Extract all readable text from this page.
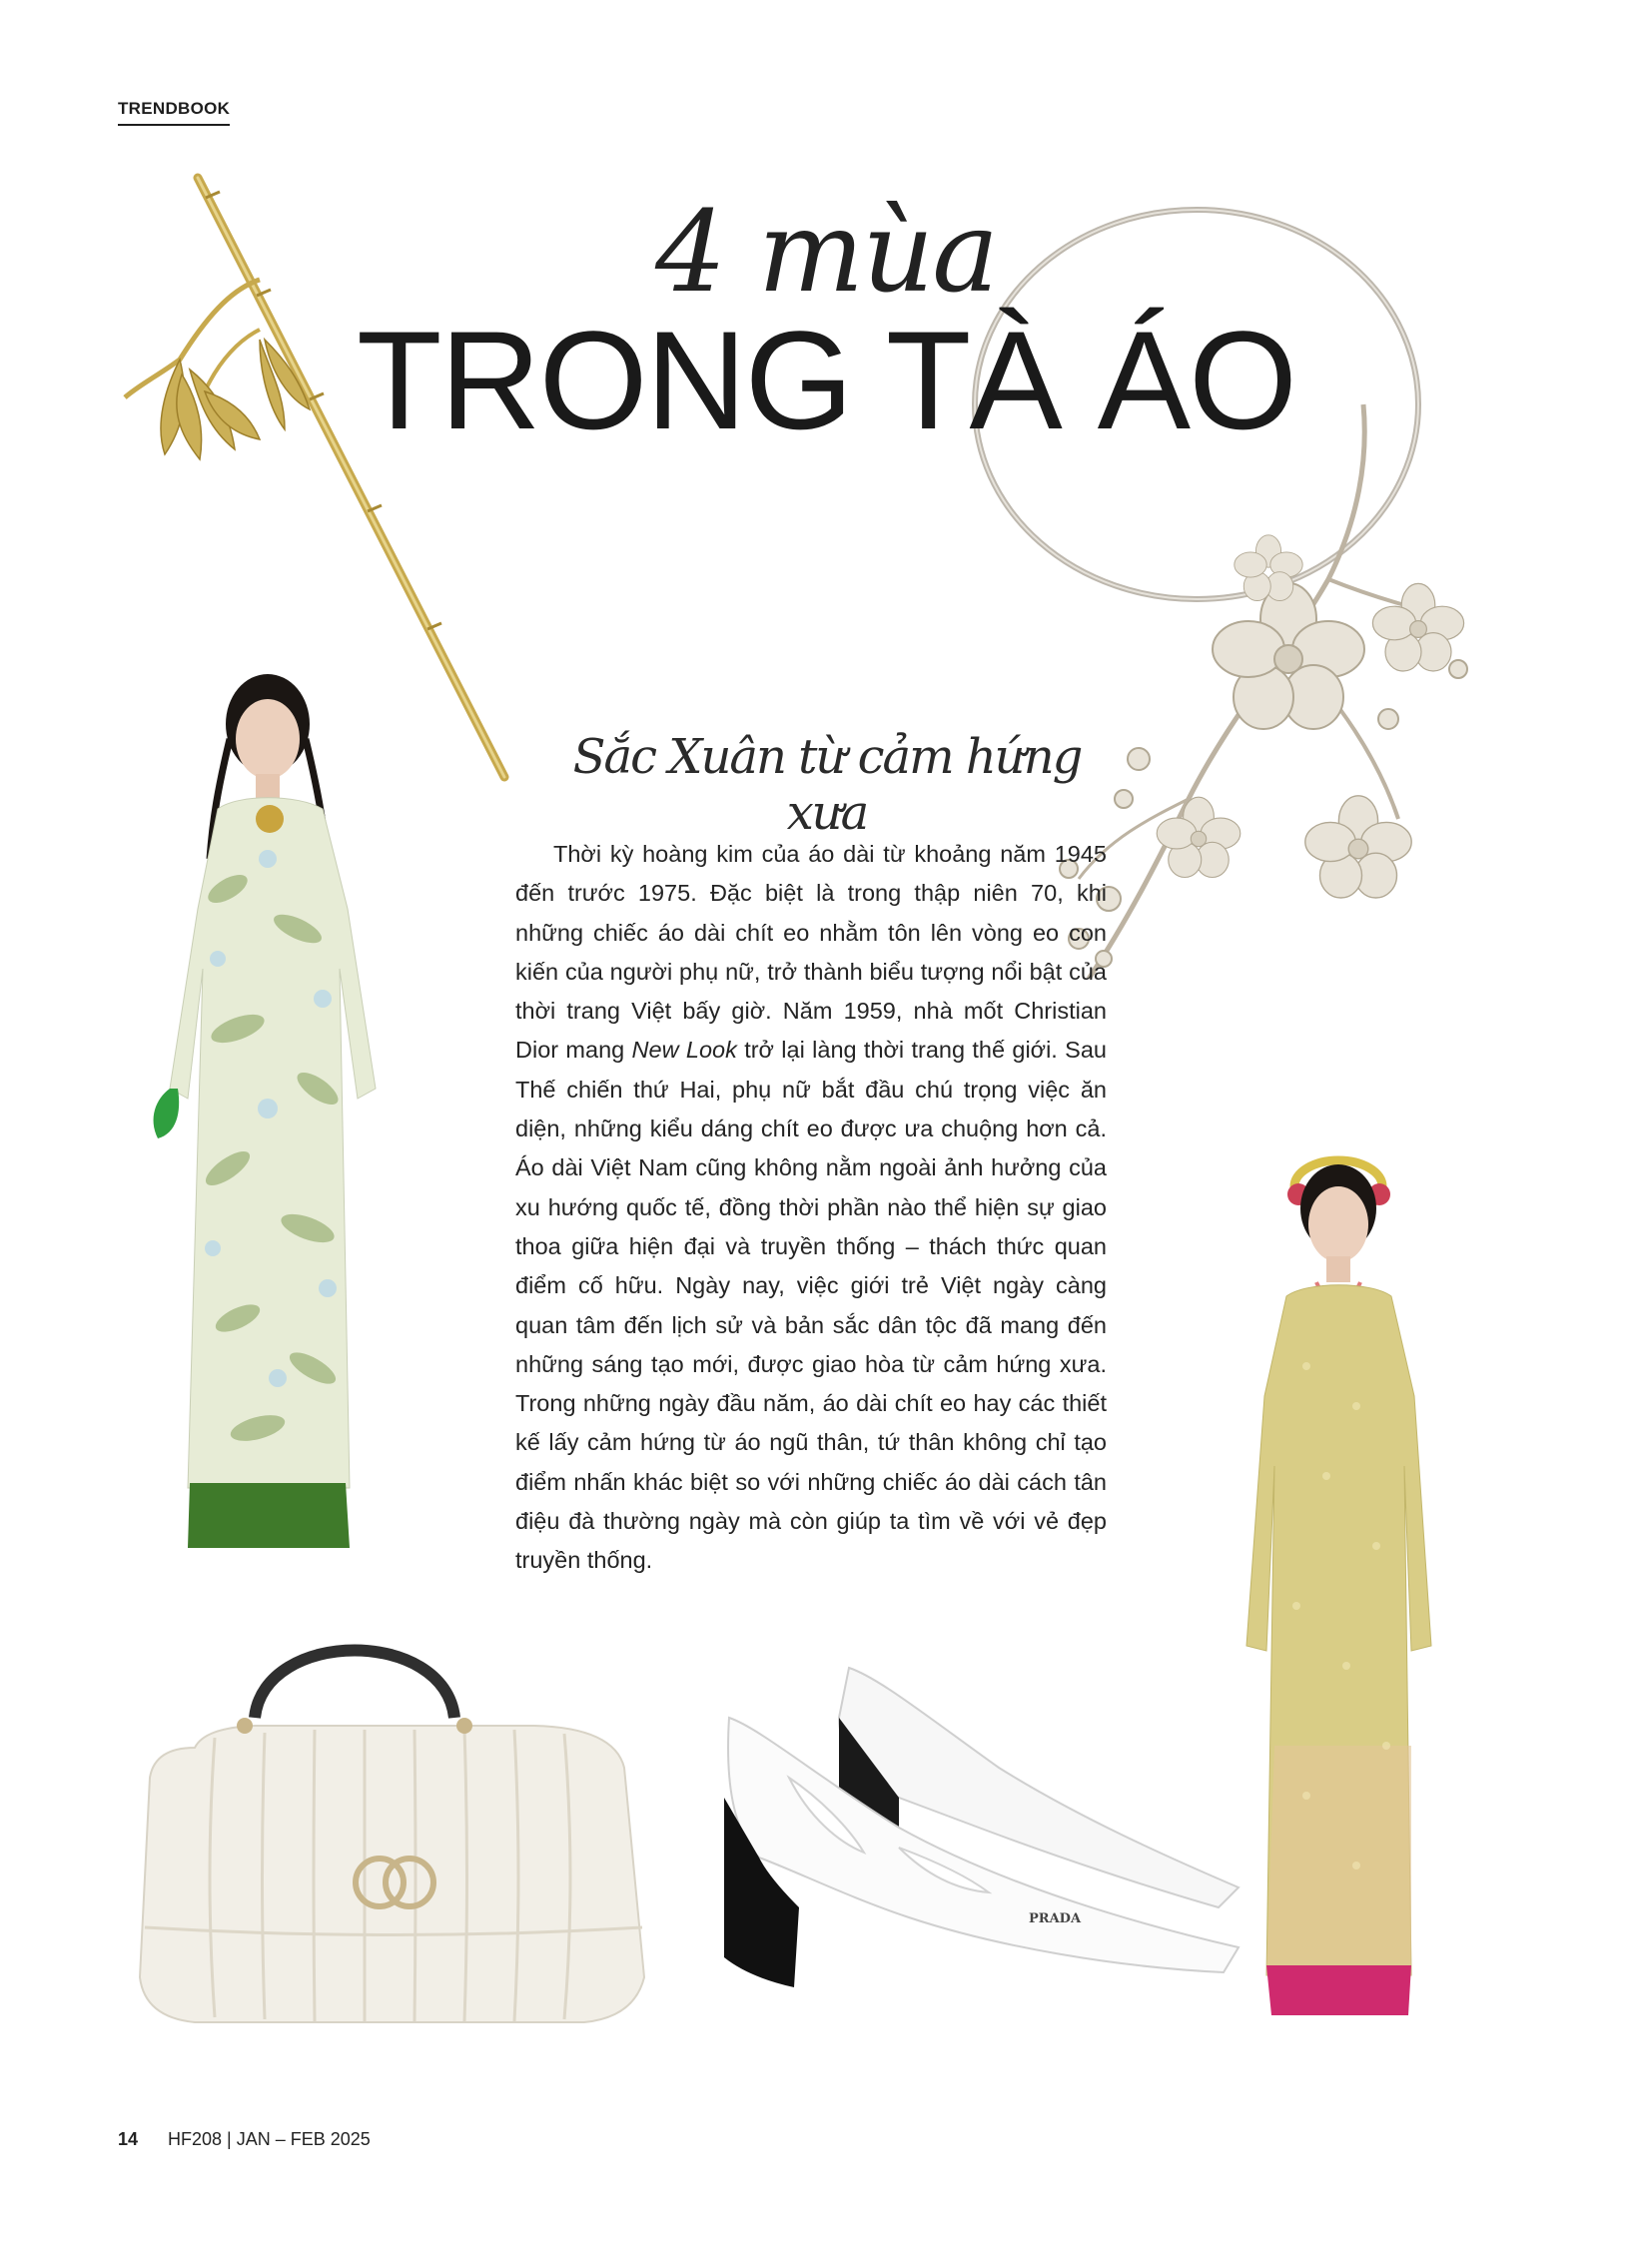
TRENDBOOK
PRADA
4 mùa
TRONG TÀ ÁO
Sắc Xuân từ cảm hứng xưa
Thời kỳ hoàng kim của áo dài từ khoảng năm 1945 đến trước 1975. Đặc biệt là trong thập niên 70, khi những chiếc áo dài chít eo nhằm tôn lên vòng eo con kiến của người phụ nữ, trở thành biểu tượng nổi bật của thời trang Việt bấy giờ. Năm 1959, nhà mốt Christian Dior mang New Look trở lại làng thời trang thế giới. Sau Thế chiến thứ Hai, phụ nữ bắt đầu chú trọng việc ăn diện, những kiểu dáng chít eo được ưa chuộng hơn cả. Áo dài Việt Nam cũng không nằm ngoài ảnh hưởng của xu hướng quốc tế, đồng thời phần nào thể hiện sự giao thoa giữa hiện đại và truyền thống – thách thức quan điểm cố hữu. Ngày nay, việc giới trẻ Việt ngày càng quan tâm đến lịch sử và bản sắc dân tộc đã mang đến những sáng tạo mới, được giao hòa từ cảm hứng xưa. Trong những ngày đầu năm, áo dài chít eo hay các thiết kế lấy cảm hứng từ áo ngũ thân, tứ thân không chỉ tạo điểm nhấn khác biệt so với những chiếc áo dài cách tân điệu đà thường ngày mà còn giúp ta tìm về với vẻ đẹp truyền thống.
14 HF208 | JAN – FEB 2025
